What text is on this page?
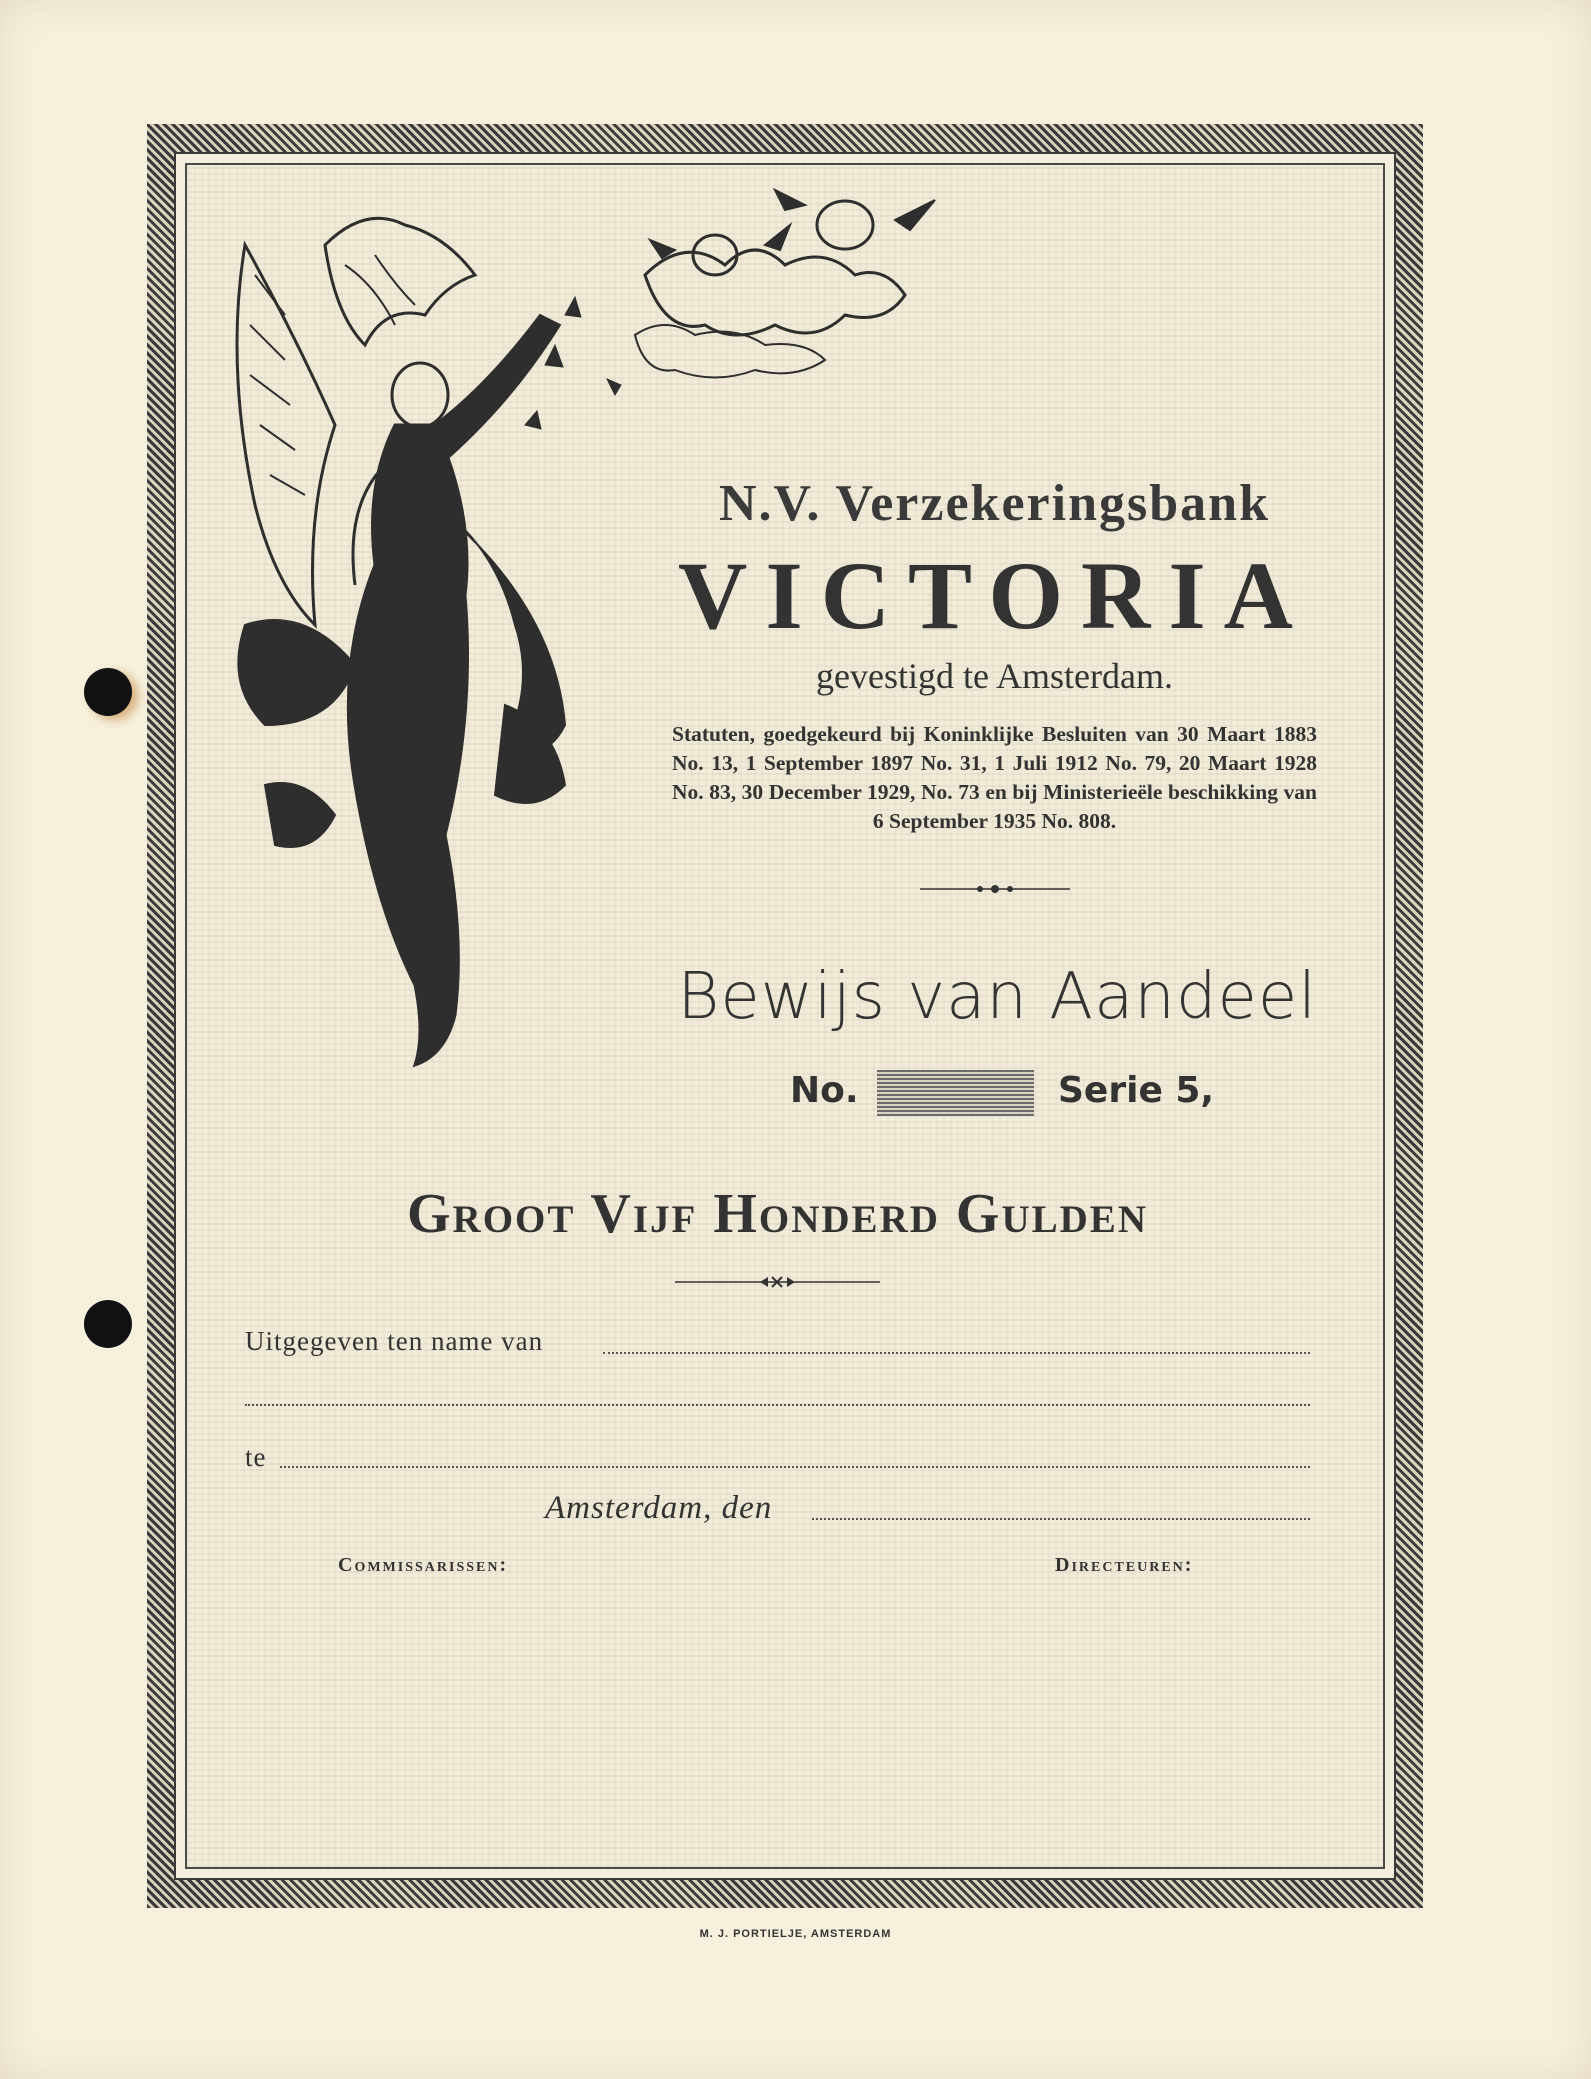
N.V. Verzekeringsbank
VICTORIA
gevestigd te Amsterdam.
Statuten, goedgekeurd bij Koninklijke Besluiten van 30 Maart 1883 No. 13, 1 September 1897 No. 31, 1 Juli 1912 No. 79, 20 Maart 1928 No. 83, 30 December 1929, No. 73 en bij Ministerieële beschikking van 6 September 1935 No. 808.
Bewijs van Aandeel
No.	Serie 5,
Groot Vijf Honderd Gulden
Uitgegeven ten name van
te
Amsterdam, den
Commissarissen:	Directeuren:
M. J. PORTIELJE, AMSTERDAM
